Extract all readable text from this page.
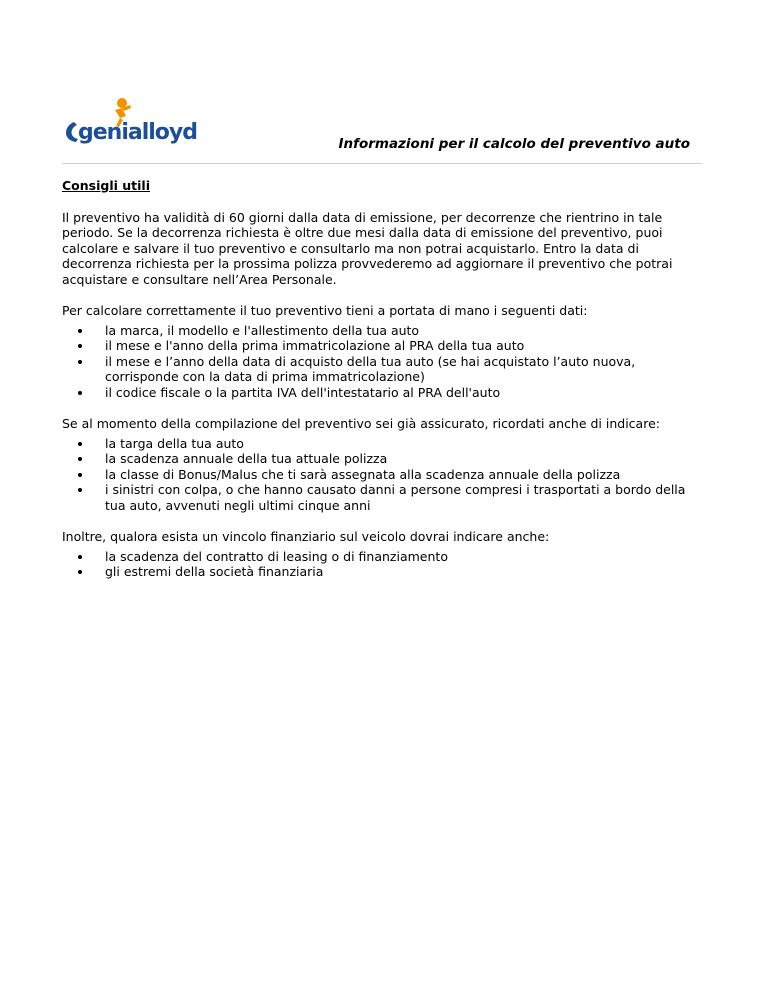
genialloyd	Informazioni per il calcolo del preventivo auto
Consigli utili

Il preventivo ha validità di 60 giorni dalla data di emissione, per decorrenze che rientrino in tale periodo. Se la decorrenza richiesta è oltre due mesi dalla data di emissione del preventivo, puoi calcolare e salvare il tuo preventivo e consultarlo ma non potrai acquistarlo. Entro la data di decorrenza richiesta per la prossima polizza provvederemo ad aggiornare il preventivo che potrai acquistare e consultare nell’Area Personale.

Per calcolare correttamente il tuo preventivo tieni a portata di mano i seguenti dati:

la marca, il modello e l'allestimento della tua auto
il mese e l'anno della prima immatricolazione al PRA della tua auto
il mese e l’anno della data di acquisto della tua auto (se hai acquistato l’auto nuova, corrisponde con la data di prima immatricolazione)
il codice fiscale o la partita IVA dell'intestatario al PRA dell'auto

Se al momento della compilazione del preventivo sei già assicurato, ricordati anche di indicare:

la targa della tua auto
la scadenza annuale della tua attuale polizza
la classe di Bonus/Malus che ti sarà assegnata alla scadenza annuale della polizza
i sinistri con colpa, o che hanno causato danni a persone compresi i trasportati a bordo della tua auto, avvenuti negli ultimi cinque anni

Inoltre, qualora esista un vincolo finanziario sul veicolo dovrai indicare anche:

la scadenza del contratto di leasing o di finanziamento
gli estremi della società finanziaria
